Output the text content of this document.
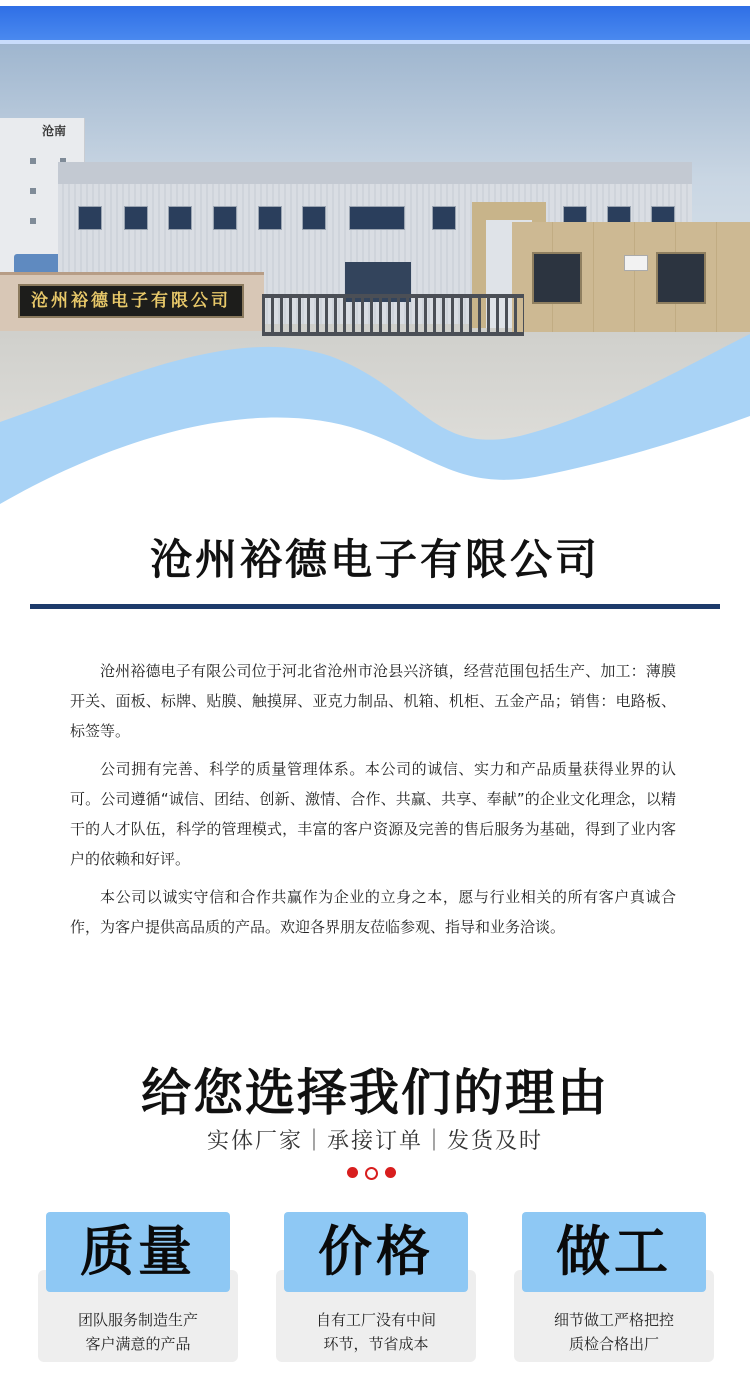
沧南
沧州裕德电子有限公司
沧州裕德电子有限公司

沧州裕德电子有限公司位于河北省沧州市沧县兴济镇，经营范围包括生产、加工：薄膜开关、面板、标牌、贴膜、触摸屏、亚克力制品、机箱、机柜、五金产品；销售：电路板、标签等。

公司拥有完善、科学的质量管理体系。本公司的诚信、实力和产品质量获得业界的认可。公司遵循“诚信、团结、创新、激情、合作、共赢、共享、奉献”的企业文化理念，以精干的人才队伍，科学的管理模式，丰富的客户资源及完善的售后服务为基础，得到了业内客户的依赖和好评。

本公司以诚实守信和合作共赢作为企业的立身之本，愿与行业相关的所有客户真诚合作，为客户提供高品质的产品。欢迎各界朋友莅临参观、指导和业务洽谈。

给您选择我们的理由
实体厂家｜承接订单｜发货及时
质量
团队服务制造生产
客户满意的产品
价格
自有工厂没有中间
环节，节省成本
做工
细节做工严格把控
质检合格出厂
